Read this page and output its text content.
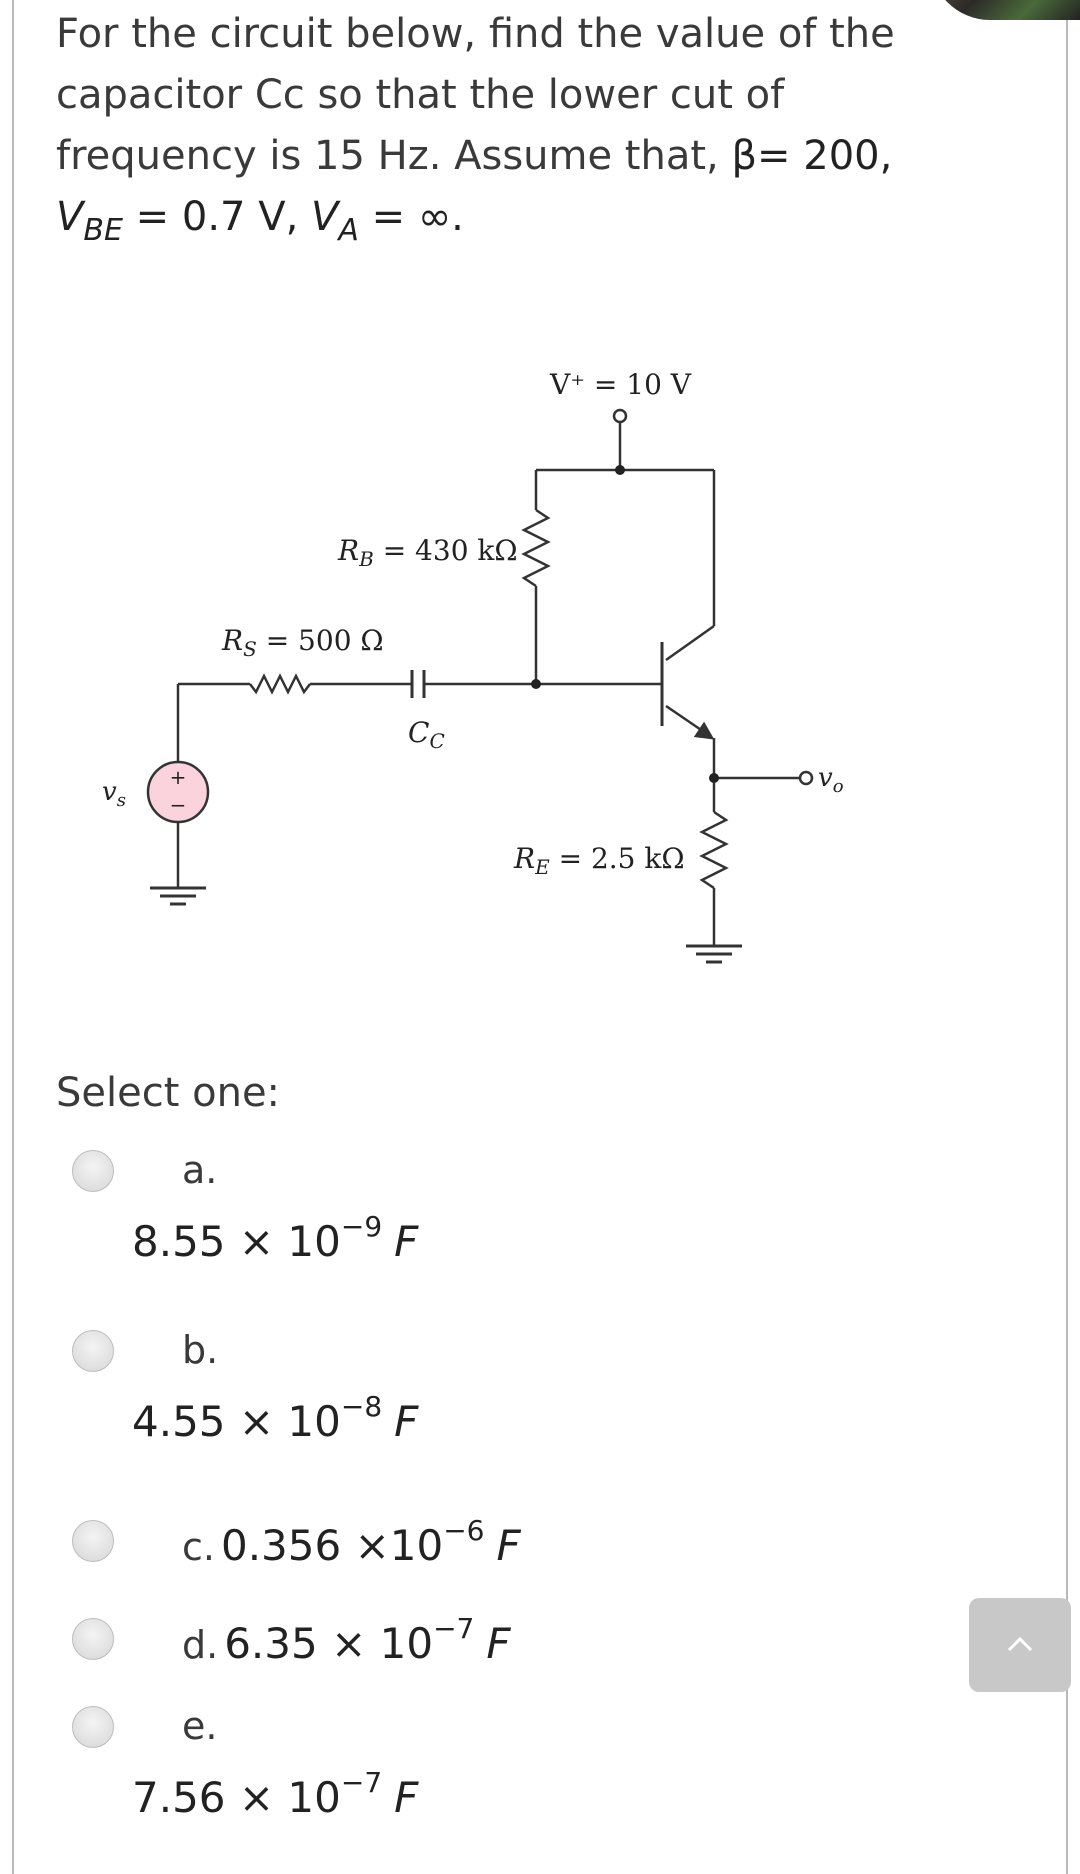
For the circuit below, find the value of the
capacitor Cc so that the lower cut of
frequency is 15 Hz. Assume that, β= 200,
$V_{BE} = 0.7$ V, $V_A$ = ∞.
+
−
V⁺ = 10 V
$R_B = 430$ kΩ
$R_S = 500$ Ω
$C_C$
$R_E = 2.5$ kΩ
$v_s$
$v_o$
Select one:
a.
$8.55 \times 10^{-9}$ F
b.
$4.55 \times 10^{-8}$ F
c. $0.356 \times 10^{-6}$ F
d. $6.35 \times 10^{-7}$ F
e.
$7.56 \times 10^{-7}$ F
